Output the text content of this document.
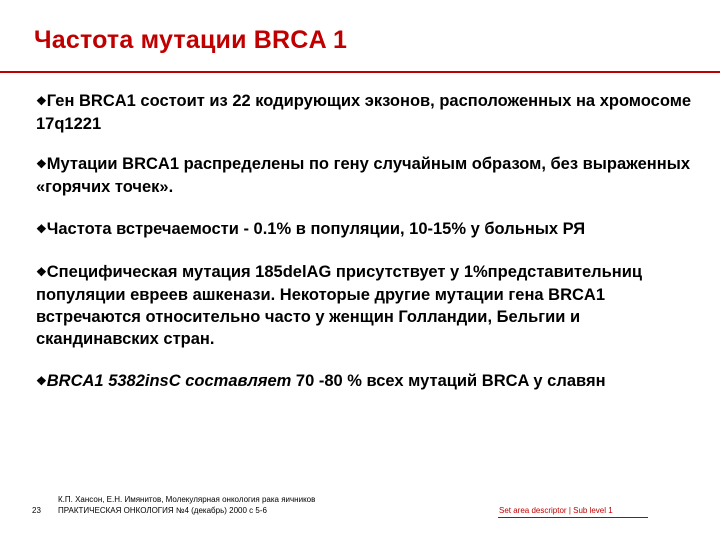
Частота мутации BRCA 1

❖Ген BRCA1 состоит из 22 кодирующих экзонов, расположенных на хромосоме 17q1221

❖Мутации BRCA1 распределены по гену случайным образом, без выраженных «горячих точек».

❖Частота встречаемости - 0.1% в популяции, 10-15% у больных РЯ

❖Специфическая мутация 185delAG присутствует у 1%представительниц популяции евреев ашкенази. Некоторые другие мутации гена BRCA1 встречаются относительно часто у женщин Голландии, Бельгии и скандинавских стран.

❖BRCA1 5382insC составляет 70 -80 % всех мутаций BRCA у славян

23
К.П. Хансон, Е.Н. Имянитов, Молекулярная онкология рака яичников
ПРАКТИЧЕСКАЯ ОНКОЛОГИЯ №4 (декабрь) 2000 с 5-6	Set area descriptor | Sub level 1
